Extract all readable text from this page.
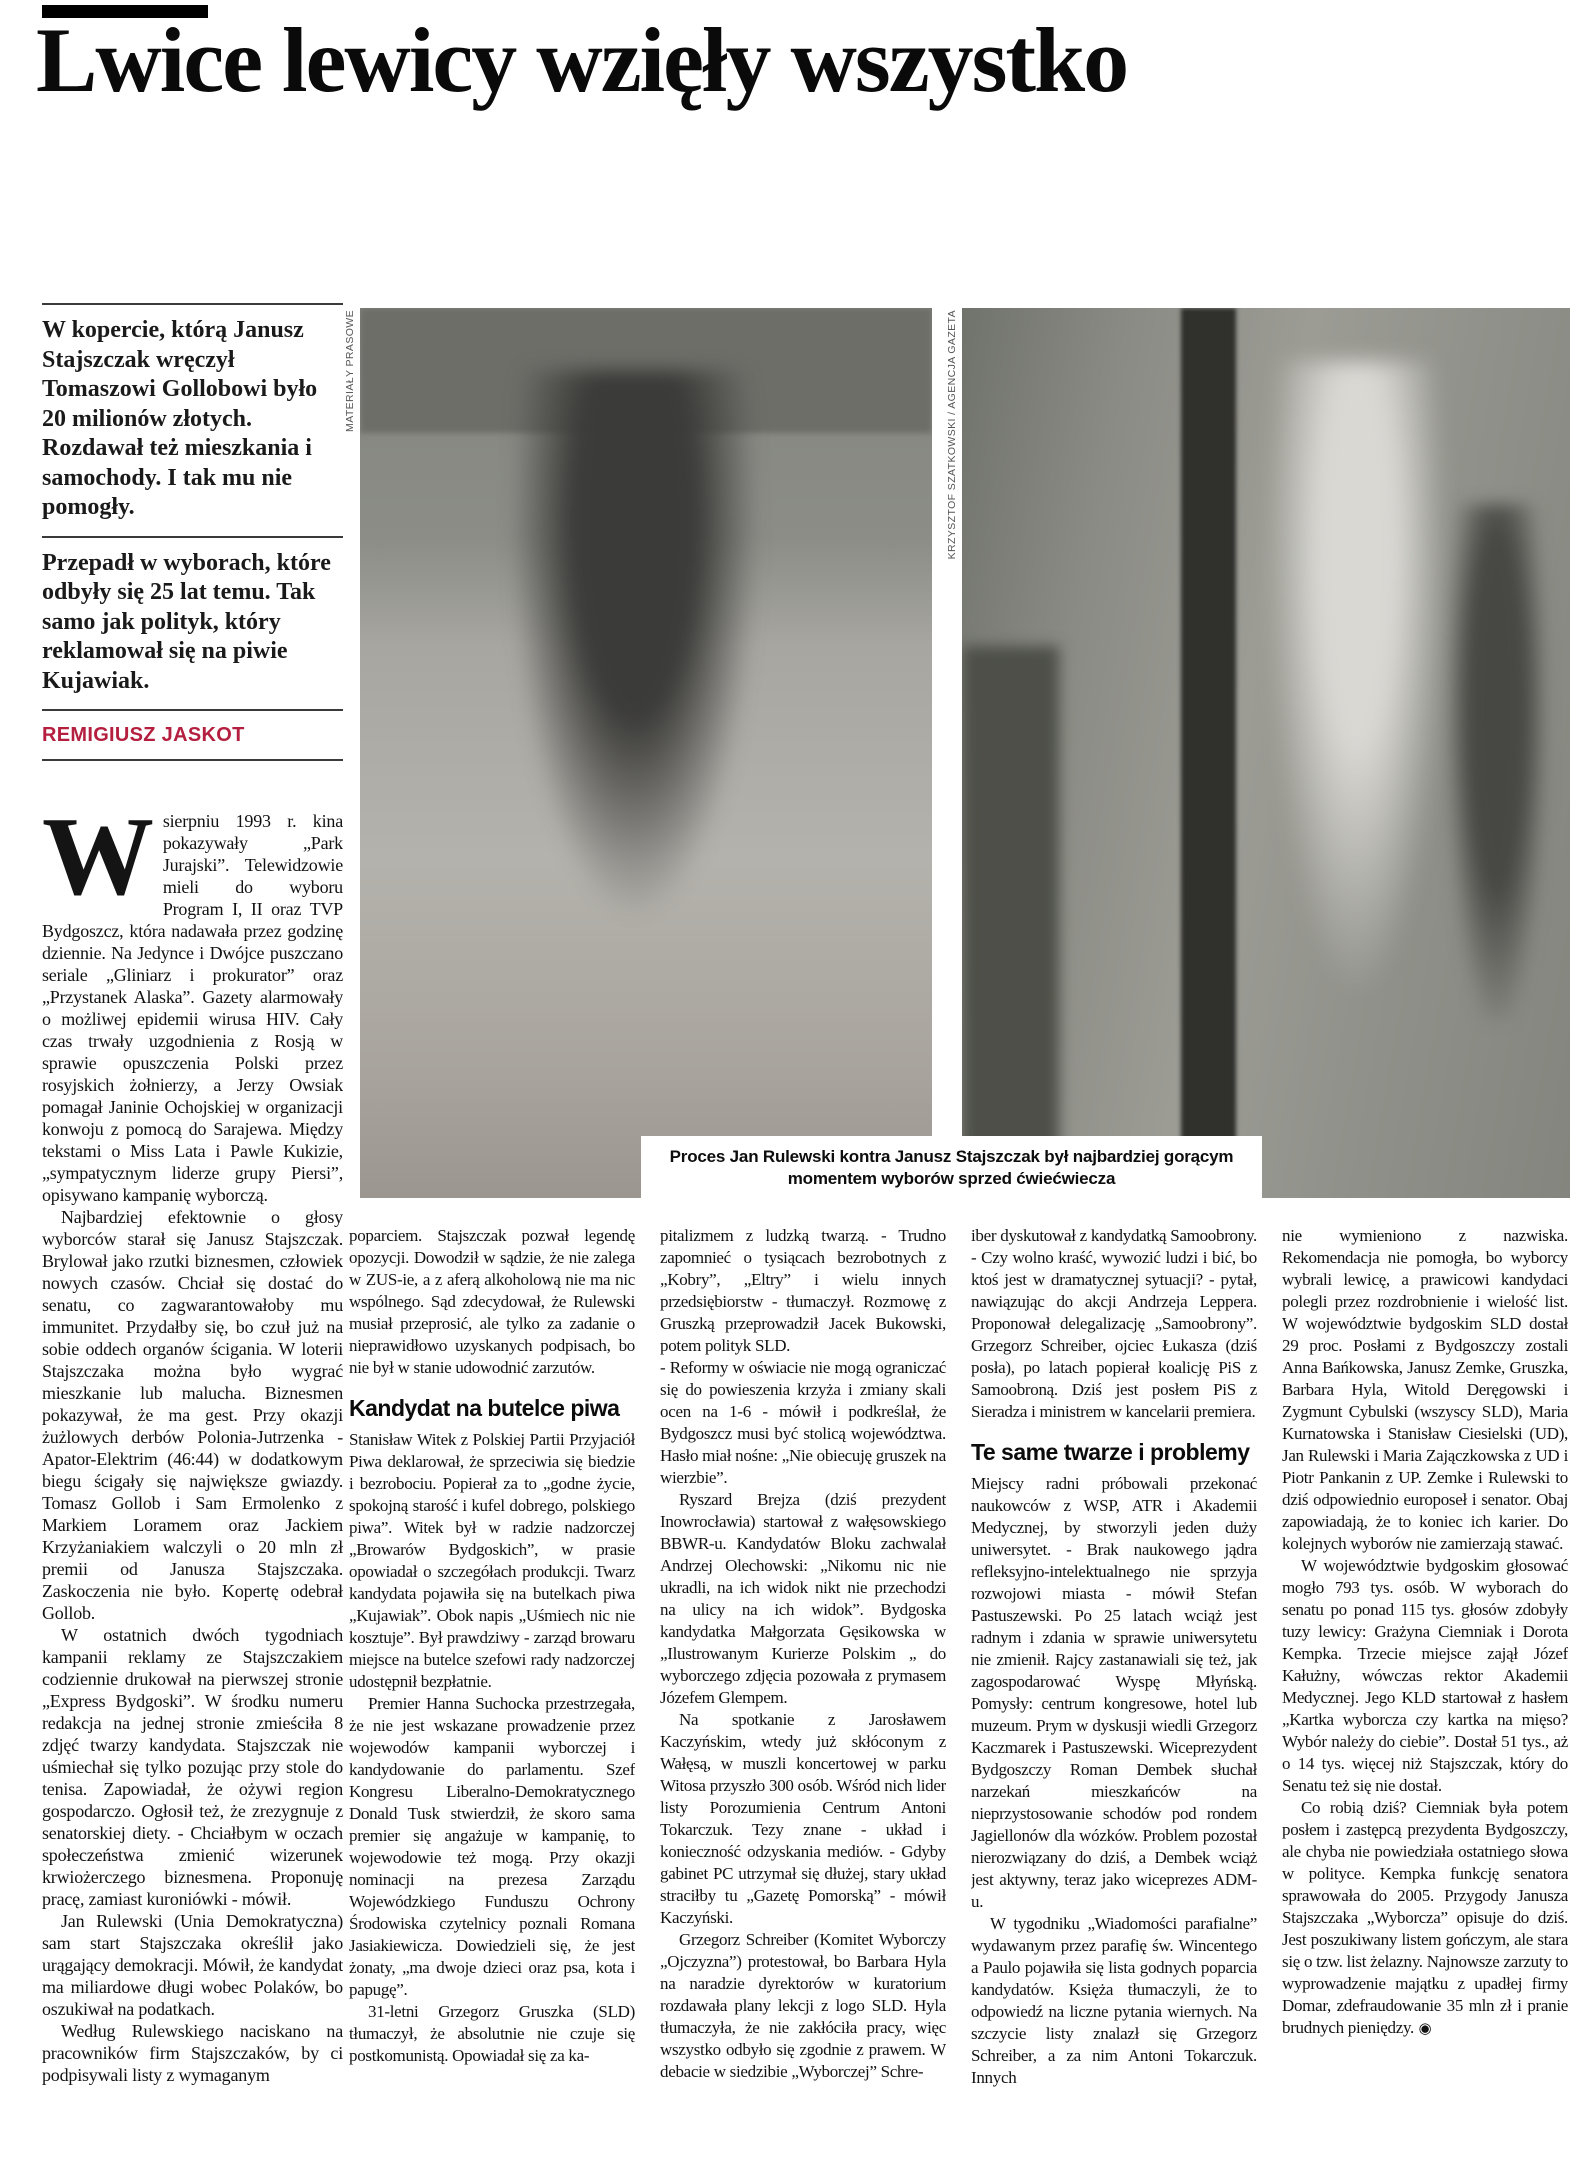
Lwice lewicy wzięły wszystko

W kopercie, którą Janusz Stajszczak wręczył Tomaszowi Gollobowi było 20 milionów złotych. Rozdawał też mieszkania i samochody. I tak mu nie pomogły.

Przepadł w wyborach, które odbyły się 25 lat temu. Tak samo jak polityk, który reklamował się na piwie Kujawiak.

REMIGIUSZ JASKOT

MATERIAŁY PRASOWE	KRZYSZTOF SZATKOWSKI / AGENCJA GAZETA
Proces Jan Rulewski kontra Janusz Stajszczak był najbardziej gorącym momentem wyborów sprzed ćwiećwiecza

Wsierpniu 1993 r. kina pokazywały „Park Jurajski”. Telewidzowie mieli do wyboru Program I, II oraz TVP Bydgoszcz, która nadawała przez godzinę dziennie. Na Jedynce i Dwójce puszczano seriale „Gliniarz i prokurator” oraz „Przystanek Alaska”. Gazety alarmowały o możliwej epidemii wirusa HIV. Cały czas trwały uzgodnienia z Rosją w sprawie opuszczenia Polski przez rosyjskich żołnierzy, a Jerzy Owsiak pomagał Janinie Ochojskiej w organizacji konwoju z pomocą do Sarajewa. Między tekstami o Miss Lata i Pawle Kukizie, „sympatycznym liderze grupy Piersi”, opisywano kampanię wyborczą.

Najbardziej efektownie o głosy wyborców starał się Janusz Stajszczak. Brylował jako rzutki biznesmen, człowiek nowych czasów. Chciał się dostać do senatu, co zagwarantowałoby mu immunitet. Przydałby się, bo czuł już na sobie oddech organów ścigania. W loterii Stajszczaka można było wygrać mieszkanie lub malucha. Biznesmen pokazywał, że ma gest. Przy okazji żużlowych derbów Polonia-Jutrzenka - Apator-Elektrim (46:44) w dodatkowym biegu ścigały się największe gwiazdy. Tomasz Gollob i Sam Ermolenko z Markiem Loramem oraz Jackiem Krzyżaniakiem walczyli o 20 mln zł premii od Janusza Stajszczaka. Zaskoczenia nie było. Kopertę odebrał Gollob.

W ostatnich dwóch tygodniach kampanii reklamy ze Stajszczakiem codziennie drukował na pierwszej stronie „Express Bydgoski”. W środku numeru redakcja na jednej stronie zmieściła 8 zdjęć twarzy kandydata. Stajszczak nie uśmiechał się tylko pozując przy stole do tenisa. Zapowiadał, że ożywi region gospodarczo. Ogłosił też, że zrezygnuje z senatorskiej diety. - Chciałbym w oczach społeczeństwa zmienić wizerunek krwiożerczego biznesmena. Proponuję pracę, zamiast kuroniówki - mówił.

Jan Rulewski (Unia Demokratyczna) sam start Stajszczaka określił jako urągający demokracji. Mówił, że kandydat ma miliardowe długi wobec Polaków, bo oszukiwał na podatkach.

Według Rulewskiego naciskano na pracowników firm Stajszczaków, by ci podpisywali listy z wymaganym

poparciem. Stajszczak pozwał legendę opozycji. Dowodził w sądzie, że nie zalega w ZUS-ie, a z aferą alkoholową nie ma nic wspólnego. Sąd zdecydował, że Rulewski musiał przeprosić, ale tylko za zadanie o nieprawidłowo uzyskanych podpisach, bo nie był w stanie udowodnić zarzutów.

Kandydat na butelce piwa

Stanisław Witek z Polskiej Partii Przyjaciół Piwa deklarował, że sprzeciwia się biedzie i bezrobociu. Popierał za to „godne życie, spokojną starość i kufel dobrego, polskiego piwa”. Witek był w radzie nadzorczej „Browarów Bydgoskich”, w prasie opowiadał o szczegółach produkcji. Twarz kandydata pojawiła się na butelkach piwa „Kujawiak”. Obok napis „Uśmiech nic nie kosztuje”. Był prawdziwy - zarząd browaru miejsce na butelce szefowi rady nadzorczej udostępnił bezpłatnie.

Premier Hanna Suchocka przestrzegała, że nie jest wskazane prowadzenie przez wojewodów kampanii wyborczej i kandydowanie do parlamentu. Szef Kongresu Liberalno-Demokratycznego Donald Tusk stwierdził, że skoro sama premier się angażuje w kampanię, to wojewodowie też mogą. Przy okazji nominacji na prezesa Zarządu Wojewódzkiego Funduszu Ochrony Środowiska czytelnicy poznali Romana Jasiakiewicza. Dowiedzieli się, że jest żonaty, „ma dwoje dzieci oraz psa, kota i papugę”.

31-letni Grzegorz Gruszka (SLD) tłumaczył, że absolutnie nie czuje się postkomunistą. Opowiadał się za ka-

pitalizmem z ludzką twarzą. - Trudno zapomnieć o tysiącach bezrobotnych z „Kobry”, „Eltry” i wielu innych przedsiębiorstw - tłumaczył. Rozmowę z Gruszką przeprowadził Jacek Bukowski, potem polityk SLD.

- Reformy w oświacie nie mogą ograniczać się do powieszenia krzyża i zmiany skali ocen na 1-6 - mówił i podkreślał, że Bydgoszcz musi być stolicą województwa. Hasło miał nośne: „Nie obiecuję gruszek na wierzbie”.

Ryszard Brejza (dziś prezydent Inowrocławia) startował z wałęsowskiego BBWR-u. Kandydatów Bloku zachwalał Andrzej Olechowski: „Nikomu nic nie ukradli, na ich widok nikt nie przechodzi na ulicy na ich widok”. Bydgoska kandydatka Małgorzata Gęsikowska w „Ilustrowanym Kurierze Polskim „ do wyborczego zdjęcia pozowała z prymasem Józefem Glempem.

Na spotkanie z Jarosławem Kaczyńskim, wtedy już skłóconym z Wałęsą, w muszli koncertowej w parku Witosa przyszło 300 osób. Wśród nich lider listy Porozumienia Centrum Antoni Tokarczuk. Tezy znane - układ i konieczność odzyskania mediów. - Gdyby gabinet PC utrzymał się dłużej, stary układ straciłby tu „Gazetę Pomorską” - mówił Kaczyński.

Grzegorz Schreiber (Komitet Wyborczy „Ojczyzna”) protestował, bo Barbara Hyla na naradzie dyrektorów w kuratorium rozdawała plany lekcji z logo SLD. Hyla tłumaczyła, że nie zakłóciła pracy, więc wszystko odbyło się zgodnie z prawem. W debacie w siedzibie „Wyborczej” Schre-

iber dyskutował z kandydatką Samoobrony. - Czy wolno kraść, wywozić ludzi i bić, bo ktoś jest w dramatycznej sytuacji? - pytał, nawiązując do akcji Andrzeja Leppera. Proponował delegalizację „Samoobrony”. Grzegorz Schreiber, ojciec Łukasza (dziś posła), po latach popierał koalicję PiS z Samoobroną. Dziś jest posłem PiS z Sieradza i ministrem w kancelarii premiera.

Te same twarze i problemy

Miejscy radni próbowali przekonać naukowców z WSP, ATR i Akademii Medycznej, by stworzyli jeden duży uniwersytet. - Brak naukowego jądra refleksyjno-intelektualnego nie sprzyja rozwojowi miasta - mówił Stefan Pastuszewski. Po 25 latach wciąż jest radnym i zdania w sprawie uniwersytetu nie zmienił. Rajcy zastanawiali się też, jak zagospodarować Wyspę Młyńską. Pomysły: centrum kongresowe, hotel lub muzeum. Prym w dyskusji wiedli Grzegorz Kaczmarek i Pastuszewski. Wiceprezydent Bydgoszczy Roman Dembek słuchał narzekań mieszkańców na nieprzystosowanie schodów pod rondem Jagiellonów dla wózków. Problem pozostał nierozwiązany do dziś, a Dembek wciąż jest aktywny, teraz jako wiceprezes ADM-u.

W tygodniku „Wiadomości parafialne” wydawanym przez parafię św. Wincentego a Paulo pojawiła się lista godnych poparcia kandydatów. Księża tłumaczyli, że to odpowiedź na liczne pytania wiernych. Na szczycie listy znalazł się Grzegorz Schreiber, a za nim Antoni Tokarczuk. Innych

nie wymieniono z nazwiska. Rekomendacja nie pomogła, bo wyborcy wybrali lewicę, a prawicowi kandydaci polegli przez rozdrobnienie i wielość list. W województwie bydgoskim SLD dostał 29 proc. Posłami z Bydgoszczy zostali Anna Bańkowska, Janusz Zemke, Gruszka, Barbara Hyla, Witold Deręgowski i Zygmunt Cybulski (wszyscy SLD), Maria Kurnatowska i Stanisław Ciesielski (UD), Jan Rulewski i Maria Zajączkowska z UD i Piotr Pankanin z UP. Zemke i Rulewski to dziś odpowiednio europoseł i senator. Obaj zapowiadają, że to koniec ich karier. Do kolejnych wyborów nie zamierzają stawać.

W województwie bydgoskim głosować mogło 793 tys. osób. W wyborach do senatu po ponad 115 tys. głosów zdobyły tuzy lewicy: Grażyna Ciemniak i Dorota Kempka. Trzecie miejsce zajął Józef Kałużny, wówczas rektor Akademii Medycznej. Jego KLD startował z hasłem „Kartka wyborcza czy kartka na mięso? Wybór należy do ciebie”. Dostał 51 tys., aż o 14 tys. więcej niż Stajszczak, który do Senatu też się nie dostał.

Co robią dziś? Ciemniak była potem posłem i zastępcą prezydenta Bydgoszczy, ale chyba nie powiedziała ostatniego słowa w polityce. Kempka funkcję senatora sprawowała do 2005. Przygody Janusza Stajszczaka „Wyborcza” opisuje do dziś. Jest poszukiwany listem gończym, ale stara się o tzw. list żelazny. Najnowsze zarzuty to wyprowadzenie majątku z upadłej firmy Domar, zdefraudowanie 35 mln zł i pranie brudnych pieniędzy. ◉
